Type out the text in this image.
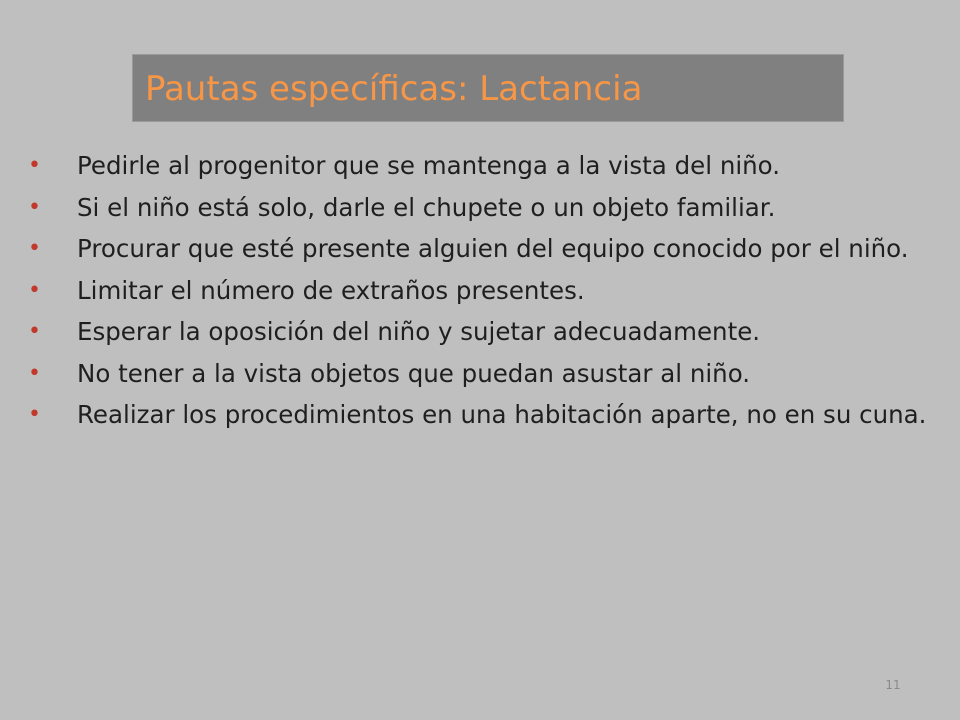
Pautas específicas: Lactancia
• Pedirle al progenitor que se mantenga a la vista del niño.
• Si el niño está solo, darle el chupete o un objeto familiar.
• Procurar que esté presente alguien del equipo conocido por el niño.
• Limitar el número de extraños presentes.
• Esperar la oposición del niño y sujetar adecuadamente.
• No tener a la vista objetos que puedan asustar al niño.
• Realizar los procedimientos en una habitación aparte, no en su cuna.
11
